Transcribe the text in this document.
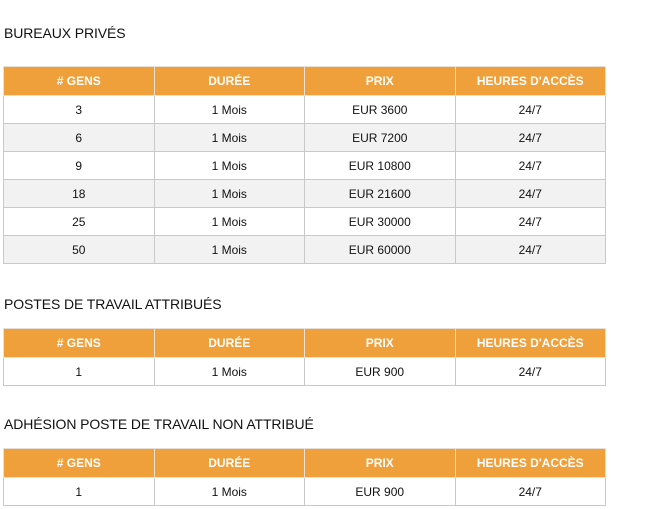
BUREAUX PRIVÉS
# GENS	DURÉE	PRIX	HEURES D'ACCÈS
3	1 Mois	EUR 3600	24/7
6	1 Mois	EUR 7200	24/7
9	1 Mois	EUR 10800	24/7
18	1 Mois	EUR 21600	24/7
25	1 Mois	EUR 30000	24/7
50	1 Mois	EUR 60000	24/7
POSTES DE TRAVAIL ATTRIBUÉS
# GENS	DURÉE	PRIX	HEURES D'ACCÈS
1	1 Mois	EUR 900	24/7
ADHÉSION POSTE DE TRAVAIL NON ATTRIBUÉ
# GENS	DURÉE	PRIX	HEURES D'ACCÈS
1	1 Mois	EUR 900	24/7
